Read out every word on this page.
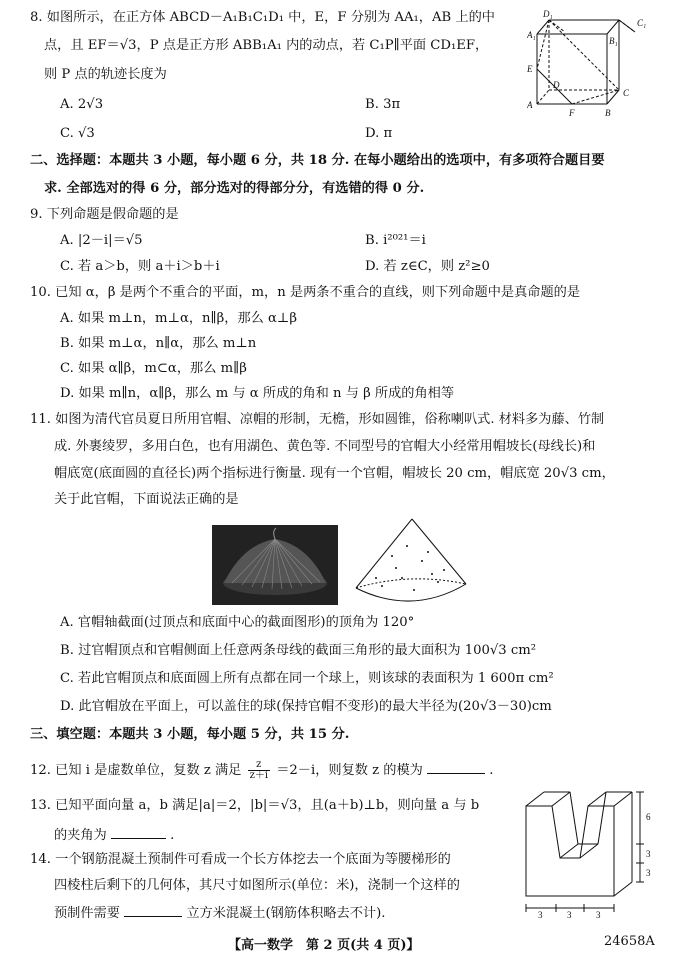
8. 如图所示，在正方体 ABCD－A₁B₁C₁D₁ 中，E，F 分别为 AA₁，AB 上的中
点，且 EF＝√3，P 点是正方形 ABB₁A₁ 内的动点，若 C₁P∥平面 CD₁EF，
则 P 点的轨迹长度为
A. 2√3	B. 3π
C. √3	D. π
D₁
C₁
A₁
B₁
E
D
C
A
F	B
二、选择题：本题共 3 小题，每小题 6 分，共 18 分. 在每小题给出的选项中，有多项符合题目要
求. 全部选对的得 6 分，部分选对的得部分分，有选错的得 0 分.
9. 下列命题是假命题的是
A. |2－i|＝√5	B. i²⁰²¹＝i
C. 若 a＞b，则 a＋i＞b＋i	D. 若 z∈C，则 z²≥0
10. 已知 α，β 是两个不重合的平面，m，n 是两条不重合的直线，则下列命题中是真命题的是
A. 如果 m⊥n，m⊥α，n∥β，那么 α⊥β
B. 如果 m⊥α，n∥α，那么 m⊥n
C. 如果 α∥β，m⊂α，那么 m∥β
D. 如果 m∥n，α∥β，那么 m 与 α 所成的角和 n 与 β 所成的角相等
11. 如图为清代官员夏日所用官帽、凉帽的形制，无檐，形如圆锥，俗称喇叭式. 材料多为藤、竹制
成. 外裹绫罗，多用白色，也有用湖色、黄色等. 不同型号的官帽大小经常用帽坡长(母线长)和
帽底宽(底面圆的直径长)两个指标进行衡量. 现有一个官帽，帽坡长 20 cm，帽底宽 20√3 cm，
关于此官帽，下面说法正确的是
A. 官帽轴截面(过顶点和底面中心的截面图形)的顶角为 120°
B. 过官帽顶点和官帽侧面上任意两条母线的截面三角形的最大面积为 100√3 cm²
C. 若此官帽顶点和底面圆上所有点都在同一个球上，则该球的表面积为 1 600π cm²
D. 此官帽放在平面上，可以盖住的球(保持官帽不变形)的最大半径为(20√3－30)cm
三、填空题：本题共 3 小题，每小题 5 分，共 15 分.
12. 已知 i 是虚数单位，复数 z 满足 $\frac{z}{z+i} =2-i$，则复数 z 的模为	.
13. 已知平面向量 a，b 满足|a|＝2，|b|＝√3，且(a＋b)⊥b，则向量 a 与 b
的夹角为	.
14. 一个钢筋混凝土预制件可看成一个长方体挖去一个底面为等腰梯形的
四棱柱后剩下的几何体，其尺寸如图所示(单位：米)，浇制一个这样的
预制件需要	立方米混凝土(钢筋体积略去不计).
6
3
3
3	3	3
【高一数学　第 2 页(共 4 页)】	24658A
